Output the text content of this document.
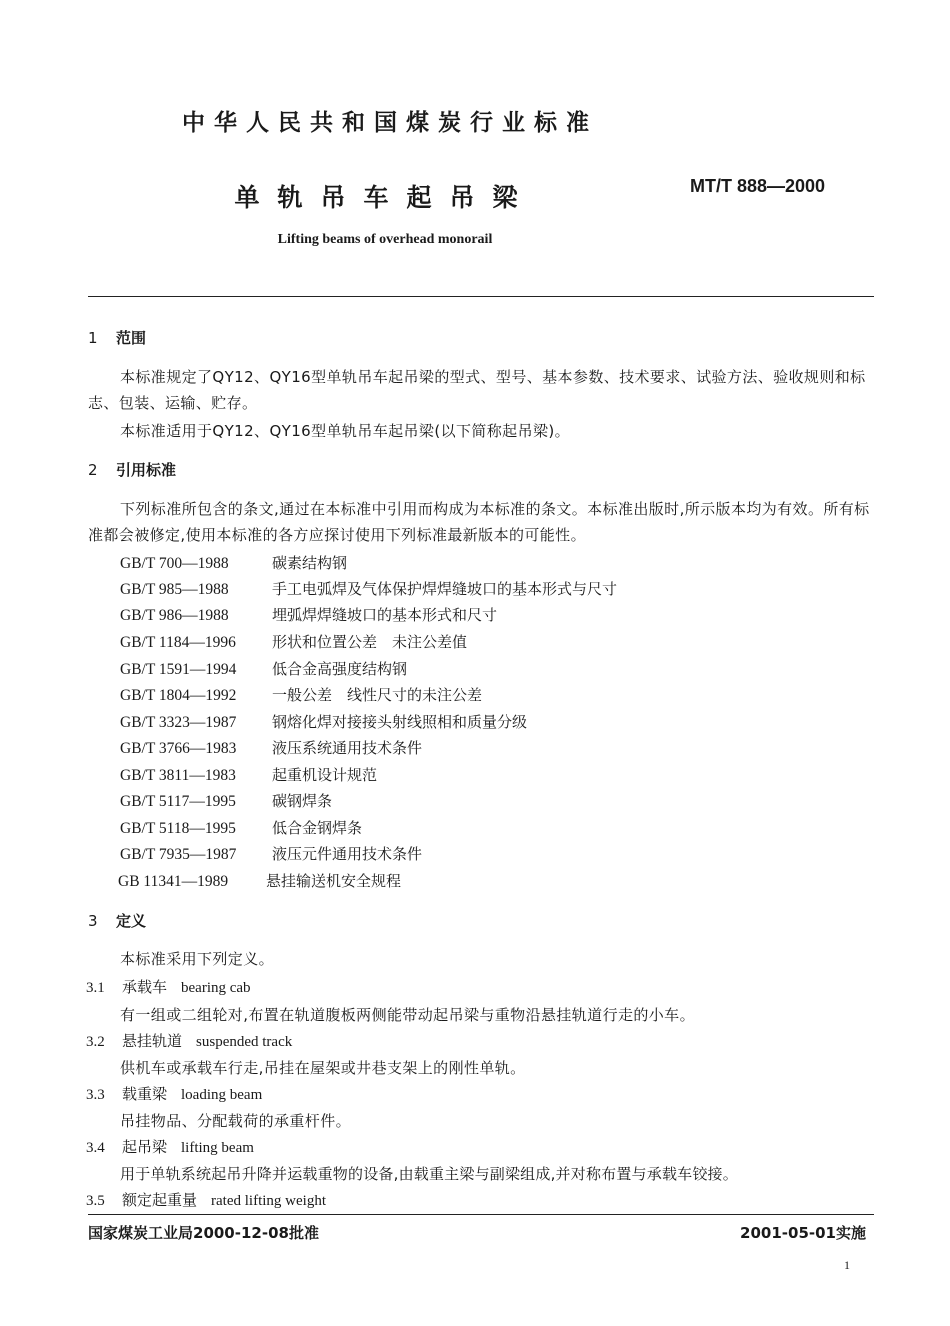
中华人民共和国煤炭行业标准
单轨吊车起吊梁	MT/T 888—2000
Lifting beams of overhead monorail
1 范围
本标准规定了QY12、QY16型单轨吊车起吊梁的型式、型号、基本参数、技术要求、试验方法、验收规则和标志、包装、运输、贮存。
本标准适用于QY12、QY16型单轨吊车起吊梁(以下简称起吊梁)。
2 引用标准
下列标准所包含的条文,通过在本标准中引用而构成为本标准的条文。本标准出版时,所示版本均为有效。所有标准都会被修定,使用本标准的各方应探讨使用下列标准最新版本的可能性。
GB/T 700—1988	碳素结构钢
GB/T 985—1988	手工电弧焊及气体保护焊焊缝坡口的基本形式与尺寸
GB/T 986—1988	埋弧焊焊缝坡口的基本形式和尺寸
GB/T 1184—1996 形状和位置公差　未注公差值
GB/T 1591—1994 低合金高强度结构钢
GB/T 1804—1992 一般公差　线性尺寸的未注公差
GB/T 3323—1987 钢熔化焊对接接头射线照相和质量分级
GB/T 3766—1983 液压系统通用技术条件
GB/T 3811—1983 起重机设计规范
GB/T 5117—1995 碳钢焊条
GB/T 5118—1995 低合金钢焊条
GB/T 7935—1987 液压元件通用技术条件
GB 11341—1989	悬挂输送机安全规程
3 定义
本标准采用下列定义。
3.1 承载车 bearing cab
有一组或二组轮对,布置在轨道腹板两侧能带动起吊梁与重物沿悬挂轨道行走的小车。
3.2 悬挂轨道 suspended track
供机车或承载车行走,吊挂在屋架或井巷支架上的刚性单轨。
3.3 载重梁 loading beam
吊挂物品、分配载荷的承重杆件。
3.4 起吊梁 lifting beam
用于单轨系统起吊升降并运载重物的设备,由载重主梁与副梁组成,并对称布置与承载车铰接。
3.5 额定起重量 rated lifting weight
国家煤炭工业局2000-12-08批准	2001-05-01实施
1
